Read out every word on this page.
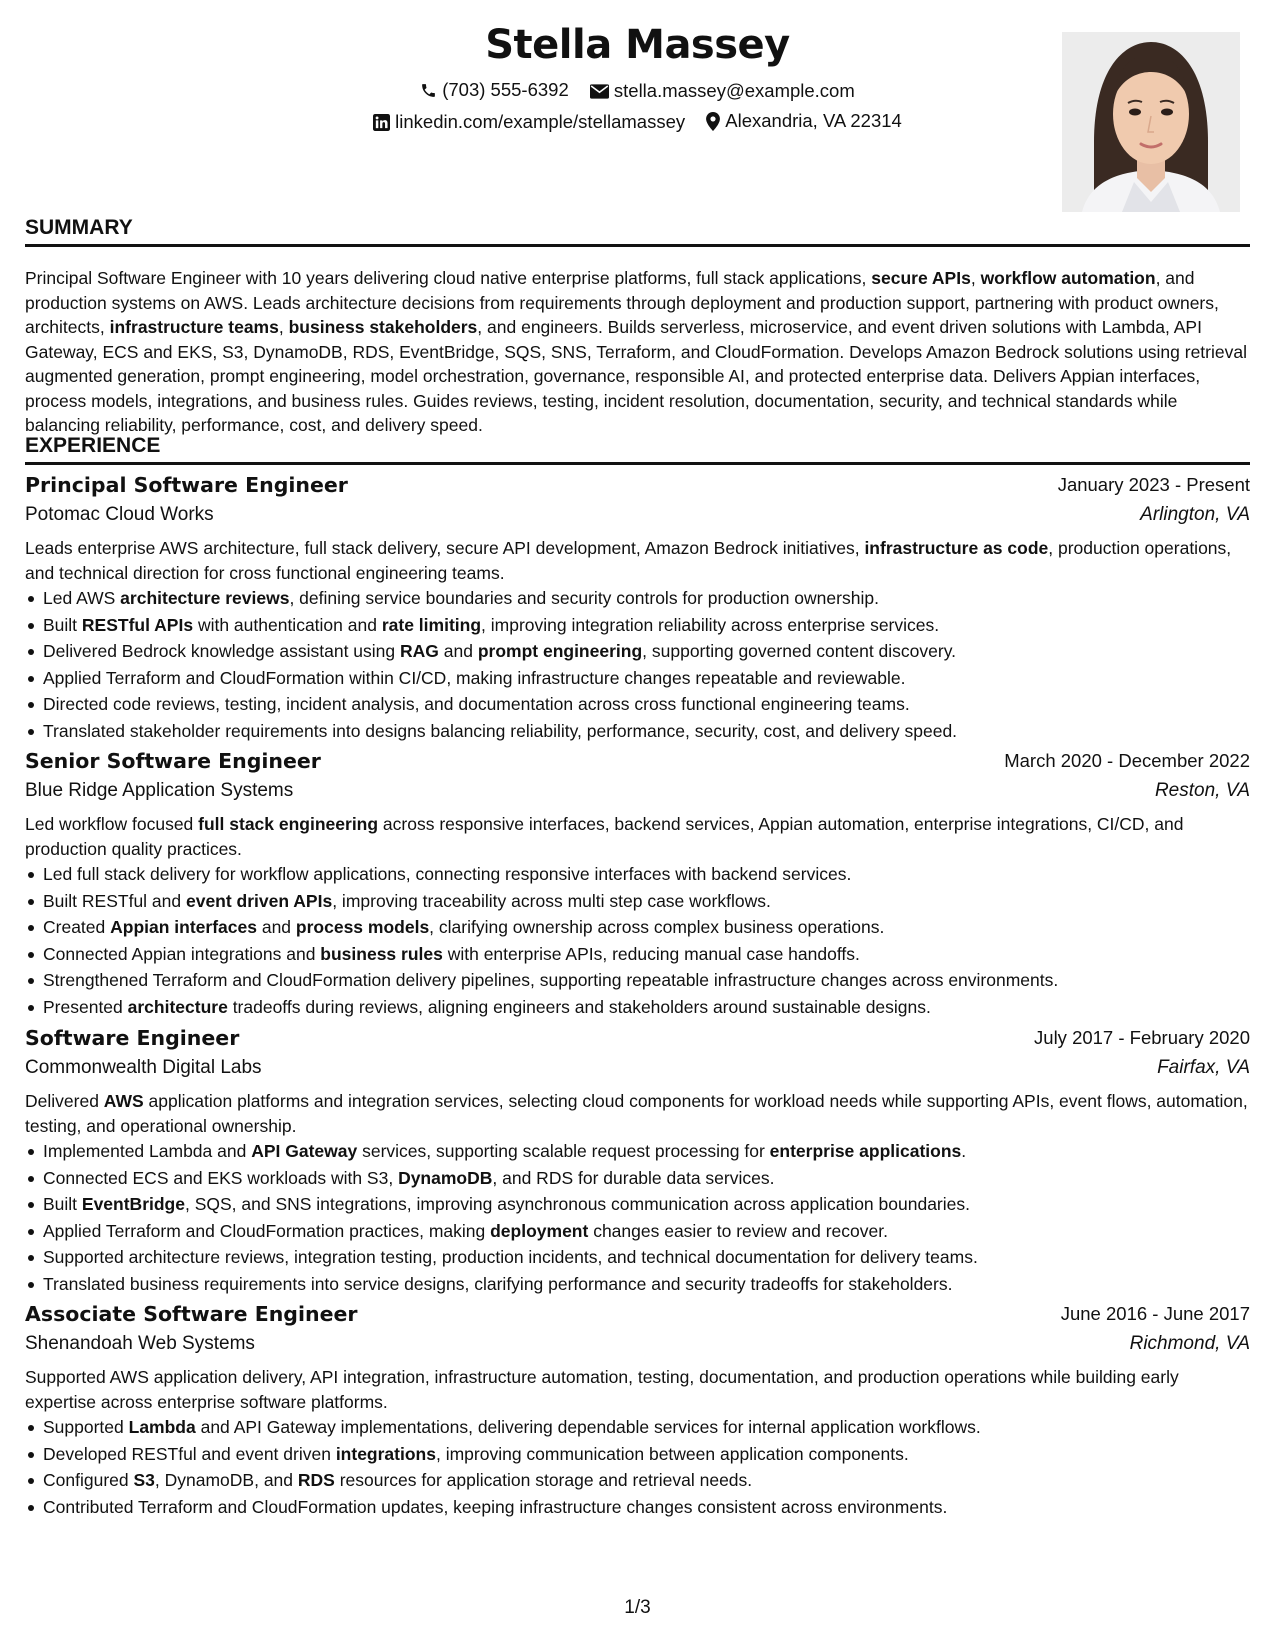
Stella Massey
(703) 555-6392
stella.massey@example.com
linkedin.com/example/stellamassey
Alexandria, VA 22314
SUMMARY

Principal Software Engineer with 10 years delivering cloud native enterprise platforms, full stack applications, secure APIs, workflow automation, and production systems on AWS. Leads architecture decisions from requirements through deployment and production support, partnering with product owners, architects, infrastructure teams, business stakeholders, and engineers. Builds serverless, microservice, and event driven solutions with Lambda, API Gateway, ECS and EKS, S3, DynamoDB, RDS, EventBridge, SQS, SNS, Terraform, and CloudFormation. Develops Amazon Bedrock solutions using retrieval augmented generation, prompt engineering, model orchestration, governance, responsible AI, and protected enterprise data. Delivers Appian interfaces, process models, integrations, and business rules. Guides reviews, testing, incident resolution, documentation, security, and technical standards while balancing reliability, performance, cost, and delivery speed.

EXPERIENCE
Principal Software Engineer	January 2023 - Present
Potomac Cloud Works	Arlington, VA

Leads enterprise AWS architecture, full stack delivery, secure API development, Amazon Bedrock initiatives, infrastructure as code, production operations, and technical direction for cross functional engineering teams.

Led AWS architecture reviews, defining service boundaries and security controls for production ownership.
Built RESTful APIs with authentication and rate limiting, improving integration reliability across enterprise services.
Delivered Bedrock knowledge assistant using RAG and prompt engineering, supporting governed content discovery.
Applied Terraform and CloudFormation within CI/CD, making infrastructure changes repeatable and reviewable.
Directed code reviews, testing, incident analysis, and documentation across cross functional engineering teams.
Translated stakeholder requirements into designs balancing reliability, performance, security, cost, and delivery speed.
Senior Software Engineer	March 2020 - December 2022
Blue Ridge Application Systems	Reston, VA

Led workflow focused full stack engineering across responsive interfaces, backend services, Appian automation, enterprise integrations, CI/CD, and production quality practices.

Led full stack delivery for workflow applications, connecting responsive interfaces with backend services.
Built RESTful and event driven APIs, improving traceability across multi step case workflows.
Created Appian interfaces and process models, clarifying ownership across complex business operations.
Connected Appian integrations and business rules with enterprise APIs, reducing manual case handoffs.
Strengthened Terraform and CloudFormation delivery pipelines, supporting repeatable infrastructure changes across environments.
Presented architecture tradeoffs during reviews, aligning engineers and stakeholders around sustainable designs.
Software Engineer	July 2017 - February 2020
Commonwealth Digital Labs	Fairfax, VA

Delivered AWS application platforms and integration services, selecting cloud components for workload needs while supporting APIs, event flows, automation, testing, and operational ownership.

Implemented Lambda and API Gateway services, supporting scalable request processing for enterprise applications.
Connected ECS and EKS workloads with S3, DynamoDB, and RDS for durable data services.
Built EventBridge, SQS, and SNS integrations, improving asynchronous communication across application boundaries.
Applied Terraform and CloudFormation practices, making deployment changes easier to review and recover.
Supported architecture reviews, integration testing, production incidents, and technical documentation for delivery teams.
Translated business requirements into service designs, clarifying performance and security tradeoffs for stakeholders.
Associate Software Engineer	June 2016 - June 2017
Shenandoah Web Systems	Richmond, VA

Supported AWS application delivery, API integration, infrastructure automation, testing, documentation, and production operations while building early expertise across enterprise software platforms.

Supported Lambda and API Gateway implementations, delivering dependable services for internal application workflows.
Developed RESTful and event driven integrations, improving communication between application components.
Configured S3, DynamoDB, and RDS resources for application storage and retrieval needs.
Contributed Terraform and CloudFormation updates, keeping infrastructure changes consistent across environments.
1/3
